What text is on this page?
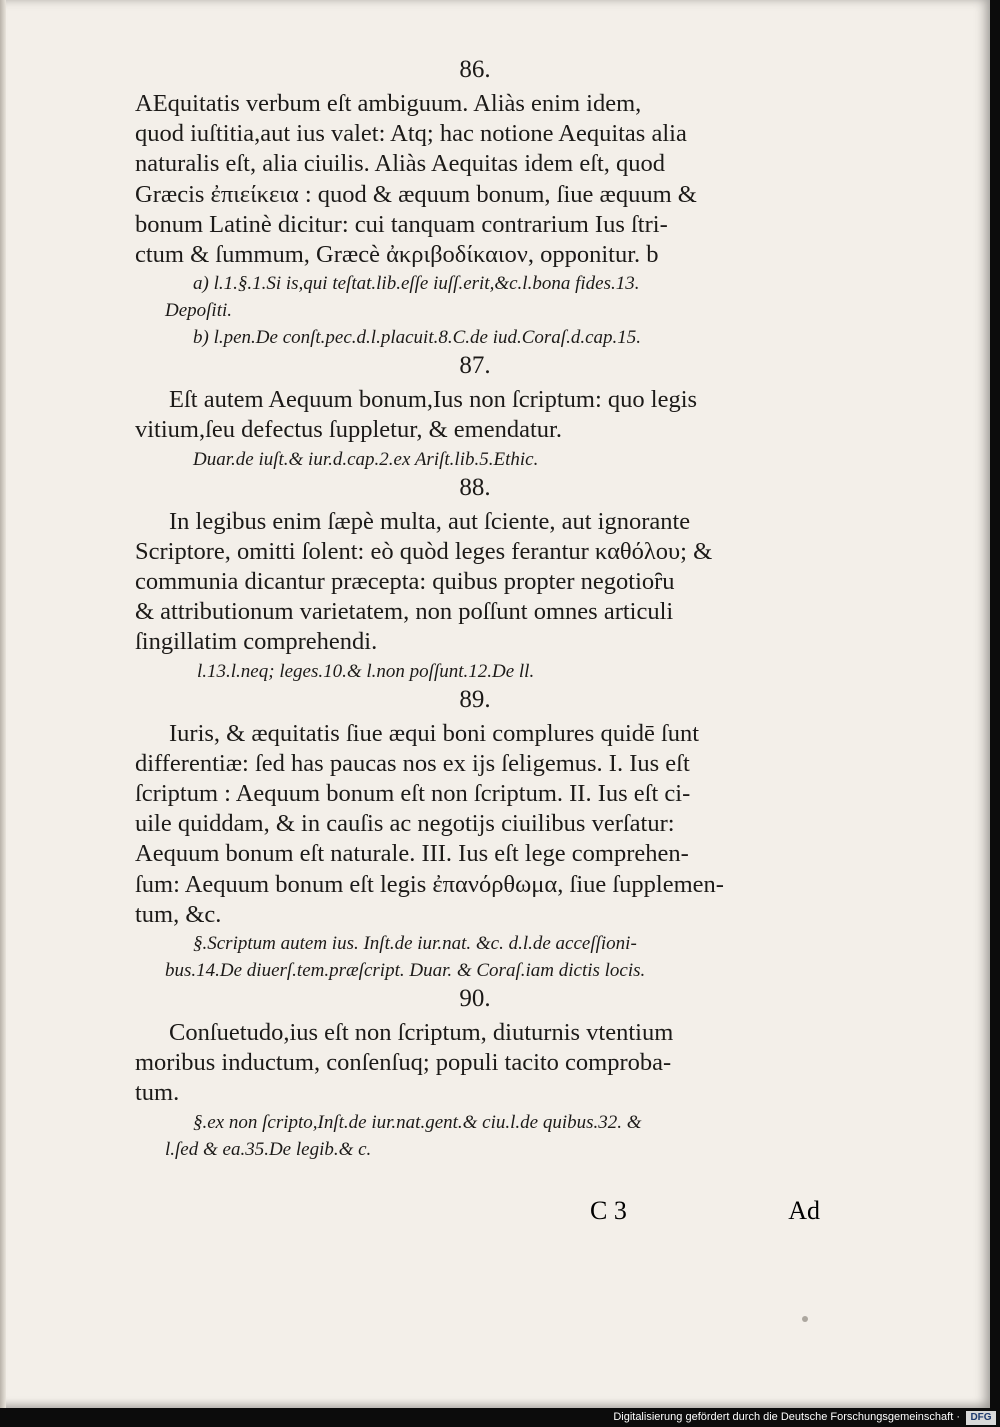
86.
AEquitatis verbum eſt ambiguum. Aliàs enim idem,
quod iuſtitia,aut ius valet: Atq; hac notione Aequitas alia
naturalis eſt, alia ciuilis. Aliàs Aequitas idem eſt, quod
Græcis ἐπιείκεια : quod & æquum bonum, ſiue æquum &
bonum Latinè dicitur: cui tanquam contrarium Ius ſtri-
ctum & ſummum, Græcè ἀκριβοδίκαιον, opponitur. b
a) l.1.§.1.Si is,qui teſtat.lib.eſſe iuſſ.erit,&c.l.bona fides.13.
Depoſiti.
b) l.pen.De conſt.pec.d.l.placuit.8.C.de iud.Coraſ.d.cap.15.
87.
Eſt autem Aequum bonum,Ius non ſcriptum: quo legis
vitium,ſeu defectus ſuppletur, & emendatur.
Duar.de iuſt.& iur.d.cap.2.ex Ariſt.lib.5.Ethic.
88.
In legibus enim ſæpè multa, aut ſciente, aut ignorante
Scriptore, omitti ſolent: eò quòd leges ferantur καθόλου; &
communia dicantur præcepta: quibus propter negotioȓu
& attributionum varietatem, non poſſunt omnes articuli
ſingillatim comprehendi.
l.13.l.neq; leges.10.& l.non poſſunt.12.De ll.
89.
Iuris, & æquitatis ſiue æqui boni complures quidē ſunt
differentiæ: ſed has paucas nos ex ijs ſeligemus. I. Ius eſt
ſcriptum : Aequum bonum eſt non ſcriptum. II. Ius eſt ci-
uile quiddam, & in cauſis ac negotijs ciuilibus verſatur:
Aequum bonum eſt naturale. III. Ius eſt lege comprehen-
ſum: Aequum bonum eſt legis ἐπανόρθωμα, ſiue ſupplemen-
tum, &c.
§.Scriptum autem ius. Inſt.de iur.nat. &c. d.l.de acceſſioni-
bus.14.De diuerſ.tem.præſcript. Duar. & Coraſ.iam dictis locis.
90.
Conſuetudo,ius eſt non ſcriptum, diuturnis vtentium
moribus inductum, conſenſuq; populi tacito comproba-
tum.
§.ex non ſcripto,Inſt.de iur.nat.gent.& ciu.l.de quibus.32. &
l.ſed & ea.35.De legib.& c.
C 3	Ad
Digitalisierung gefördert durch die Deutsche Forschungsgemeinschaft ·	DFG
